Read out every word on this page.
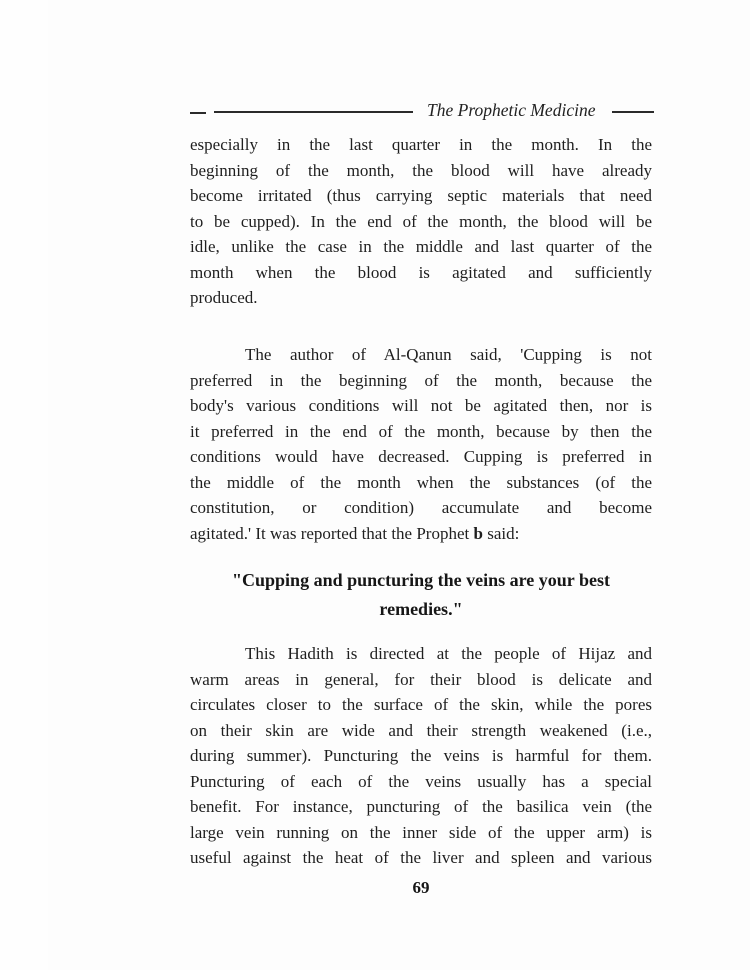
The Prophetic Medicine
especially in the last quarter in the month. In the
beginning of the month, the blood will have already
become irritated (thus carrying septic materials that need
to be cupped). In the end of the month, the blood will be
idle, unlike the case in the middle and last quarter of the
month when the blood is agitated and sufficiently
produced.
The author of Al-Qanun said, 'Cupping is not
preferred in the beginning of the month, because the
body's various conditions will not be agitated then, nor is
it preferred in the end of the month, because by then the
conditions would have decreased. Cupping is preferred in
the middle of the month when the substances (of the
constitution, or condition) accumulate and become
agitated.' It was reported that the Prophet b said:
"Cupping and puncturing the veins are your best
remedies."
This Hadith is directed at the people of Hijaz and
warm areas in general, for their blood is delicate and
circulates closer to the surface of the skin, while the pores
on their skin are wide and their strength weakened (i.e.,
during summer). Puncturing the veins is harmful for them.
Puncturing of each of the veins usually has a special
benefit. For instance, puncturing of the basilica vein (the
large vein running on the inner side of the upper arm) is
useful against the heat of the liver and spleen and various
69
